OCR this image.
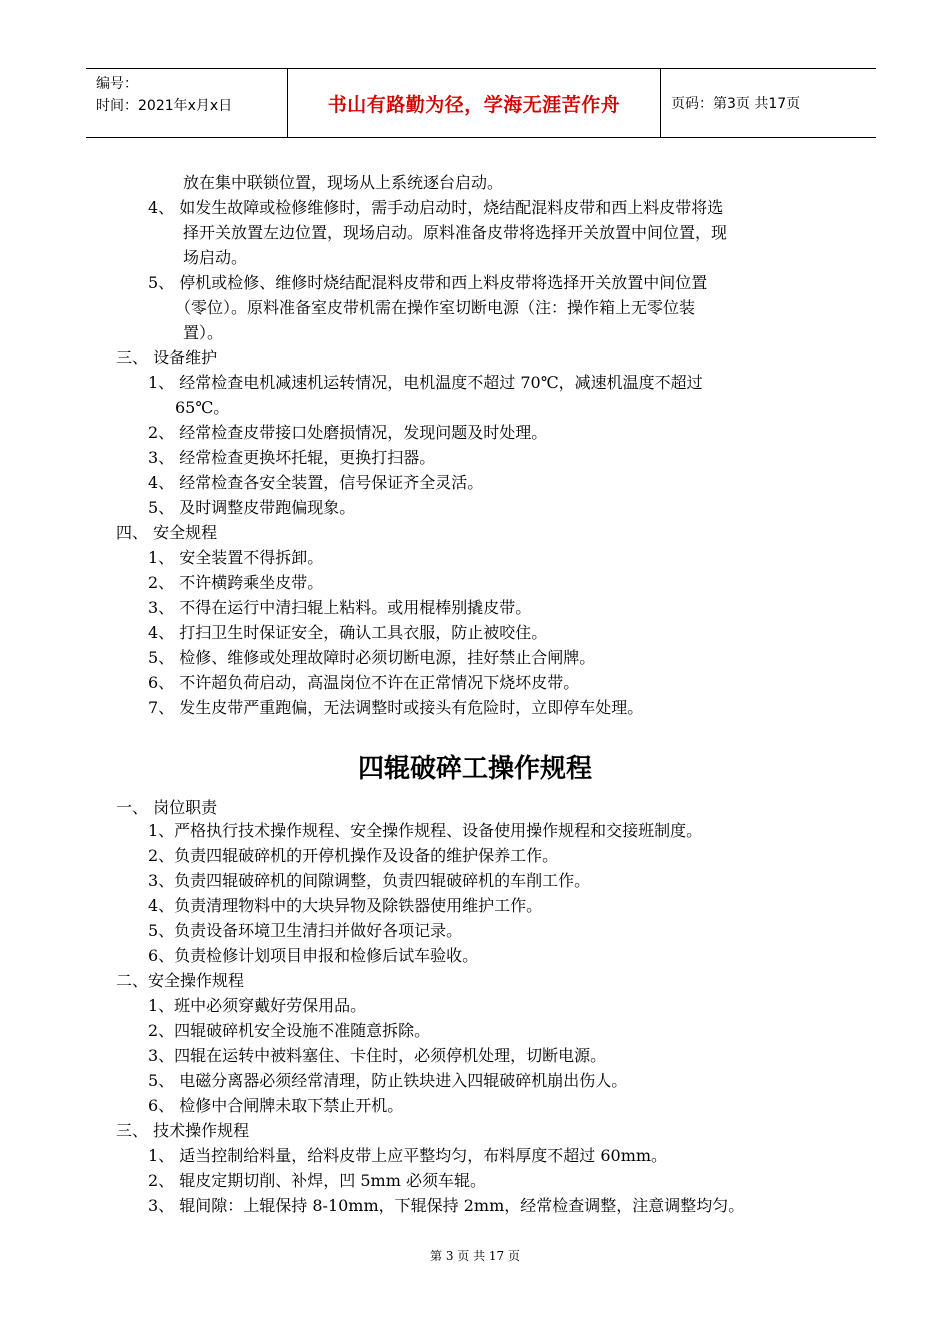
编号：
时间：2021年x月x日	书山有路勤为径，学海无涯苦作舟	页码：第3页 共17页
放在集中联锁位置，现场从上系统逐台启动。
4、 如发生故障或检修维修时，需手动启动时，烧结配混料皮带和西上料皮带将选
择开关放置左边位置，现场启动。原料准备皮带将选择开关放置中间位置，现
场启动。
5、 停机或检修、维修时烧结配混料皮带和西上料皮带将选择开关放置中间位置
（零位）。原料准备室皮带机需在操作室切断电源（注：操作箱上无零位装
置）。
三、 设备维护
1、 经常检查电机减速机运转情况，电机温度不超过 70℃，减速机温度不超过
65℃。
2、 经常检查皮带接口处磨损情况，发现问题及时处理。
3、 经常检查更换坏托辊，更换打扫器。
4、 经常检查各安全装置，信号保证齐全灵活。
5、 及时调整皮带跑偏现象。
四、 安全规程
1、 安全装置不得拆卸。
2、 不许横跨乘坐皮带。
3、 不得在运行中清扫辊上粘料。或用棍棒别撬皮带。
4、 打扫卫生时保证安全，确认工具衣服，防止被咬住。
5、 检修、维修或处理故障时必须切断电源，挂好禁止合闸牌。
6、 不许超负荷启动，高温岗位不许在正常情况下烧坏皮带。
7、 发生皮带严重跑偏，无法调整时或接头有危险时，立即停车处理。
四辊破碎工操作规程
一、 岗位职责
1、严格执行技术操作规程、安全操作规程、设备使用操作规程和交接班制度。
2、负责四辊破碎机的开停机操作及设备的维护保养工作。
3、负责四辊破碎机的间隙调整，负责四辊破碎机的车削工作。
4、负责清理物料中的大块异物及除铁器使用维护工作。
5、负责设备环境卫生清扫并做好各项记录。
6、负责检修计划项目申报和检修后试车验收。
二、安全操作规程
1、班中必须穿戴好劳保用品。
2、四辊破碎机安全设施不准随意拆除。
3、四辊在运转中被料塞住、卡住时，必须停机处理，切断电源。
5、 电磁分离器必须经常清理，防止铁块进入四辊破碎机崩出伤人。
6、 检修中合闸牌未取下禁止开机。
三、 技术操作规程
1、 适当控制给料量，给料皮带上应平整均匀，布料厚度不超过 60mm。
2、 辊皮定期切削、补焊，凹 5mm 必须车辊。
3、 辊间隙：上辊保持 8-10mm，下辊保持 2mm，经常检查调整，注意调整均匀。
第 3 页 共 17 页
